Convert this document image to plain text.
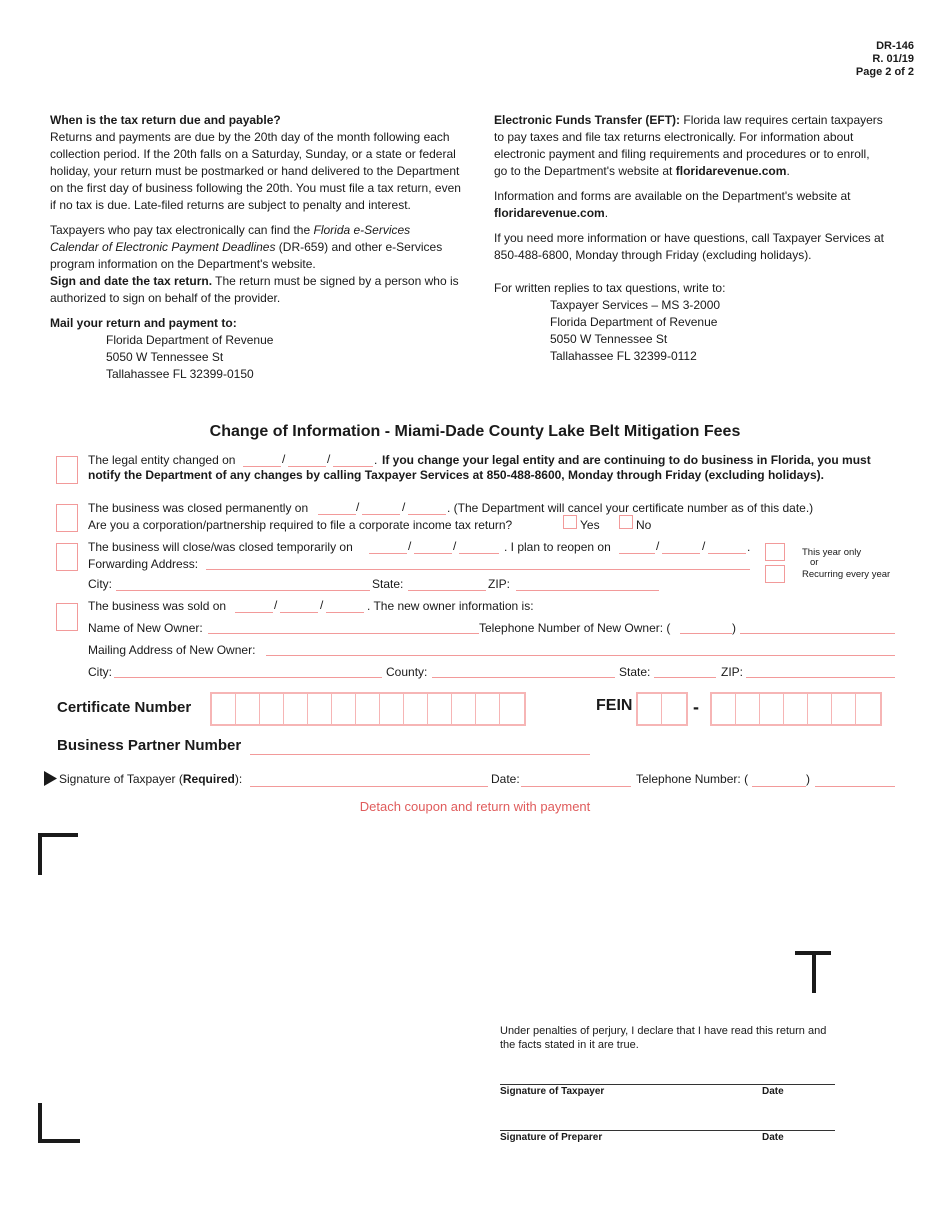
DR-146
R. 01/19
Page 2 of 2

When is the tax return due and payable?

Returns and payments are due by the 20th day of the month following each collection period. If the 20th falls on a Saturday, Sunday, or a state or federal holiday, your return must be postmarked or hand delivered to the Department on the first day of business following the 20th. You must file a tax return, even if no tax is due. Late-filed returns are subject to penalty and interest.

Taxpayers who pay tax electronically can find the Florida e-Services Calendar of Electronic Payment Deadlines (DR-659) and other e-Services program information on the Department's website.

Sign and date the tax return. The return must be signed by a person who is authorized to sign on behalf of the provider.

Mail your return and payment to:

Florida Department of Revenue
5050 W Tennessee St
Tallahassee FL 32399-0150

Electronic Funds Transfer (EFT): Florida law requires certain taxpayers to pay taxes and file tax returns electronically. For information about electronic payment and filing requirements and procedures or to enroll, go to the Department's website at floridarevenue.com.

Information and forms are available on the Department's website at floridarevenue.com.

If you need more information or have questions, call Taxpayer Services at 850-488-6800, Monday through Friday (excluding holidays).

For written replies to tax questions, write to:

Taxpayer Services – MS 3-2000
Florida Department of Revenue
5050 W Tennessee St
Tallahassee FL 32399-0112
Change of Information - Miami-Dade County Lake Belt Mitigation Fees
The legal entity changed on	/	/	. If you change your legal entity and are continuing to do business in Florida, you must notify the Department of any changes by calling Taxpayer Services at 850-488-8600, Monday through Friday (excluding holidays).
The business was closed permanently on	/	/	. (The Department will cancel your certificate number as of this date.)
Are you a corporation/partnership required to file a corporate income tax return?	Yes	No
The business will close/was closed temporarily on	/	/	. I plan to reopen on	/	/	.
Forwarding Address:
This year only
or
Recurring every year
City:	State:	ZIP:
The business was sold on	/	/	. The new owner information is:
Name of New Owner:	Telephone Number of New Owner: (	)
Mailing Address of New Owner:
City:	County:	State:	ZIP:
Certificate Number	FEIN	-
Business Partner Number
Signature of Taxpayer (Required):	Date:	Telephone Number: (	)
Detach coupon and return with payment
Under penalties of perjury, I declare that I have read this return and the facts stated in it are true.
Signature of Taxpayer	Date
Signature of Preparer	Date
